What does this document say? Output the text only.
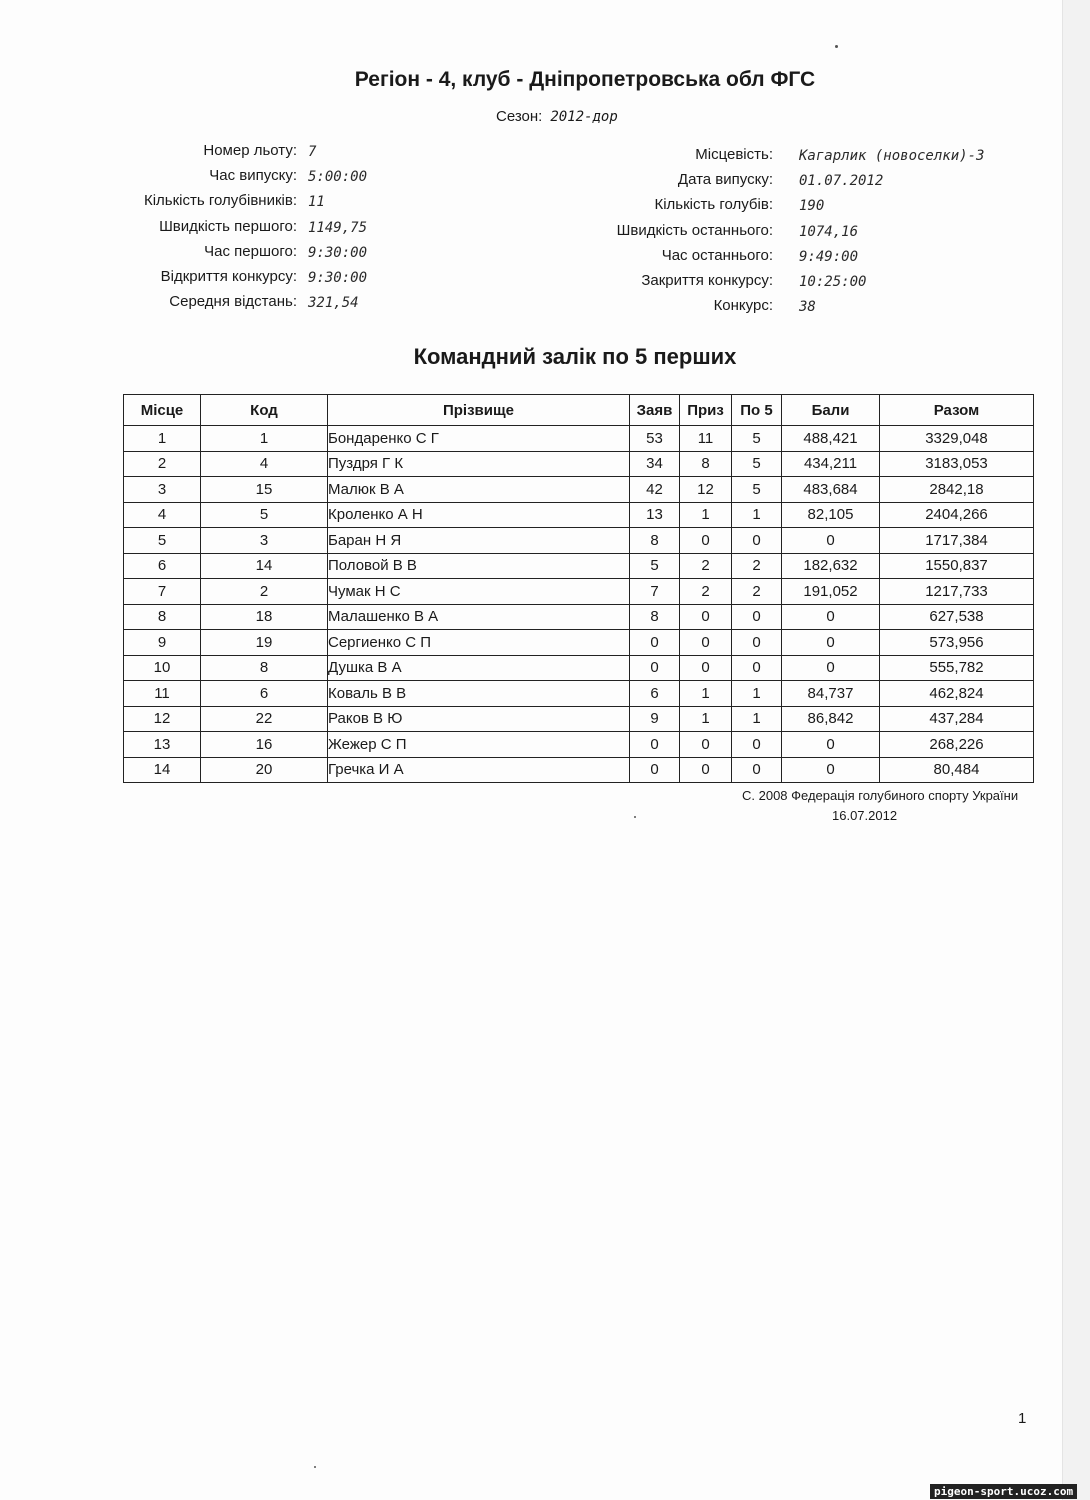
Регіон - 4, клуб - Дніпропетровська обл ФГС
Сезон: 2012-дор
Номер льоту: 7
Час випуску: 5:00:00
Кількість голубівників: 11
Швидкість першого: 1149,75
Час першого: 9:30:00
Відкриття конкурсу: 9:30:00
Середня відстань: 321,54
Місцевість: Кагарлик (новоселки)-3
Дата випуску: 01.07.2012
Кількість голубів: 190
Швидкість останнього: 1074,16
Час останнього: 9:49:00
Закриття конкурсу: 10:25:00
Конкурс: 38
Командний залік по 5 перших
Місце	Код	Прізвище	Заяв	Приз	По 5	Бали	Разом
1	1	Бондаренко С Г	53	11	5	488,421	3329,048
2	4	Пуздря Г К	34	8	5	434,211	3183,053
3	15	Малюк В А	42	12	5	483,684	2842,18
4	5	Кроленко А Н	13	1	1	82,105	2404,266
5	3	Баран Н Я	8	0	0	0	1717,384
6	14	Половой В В	5	2	2	182,632	1550,837
7	2	Чумак Н С	7	2	2	191,052	1217,733
8	18	Малашенко В А	8	0	0	0	627,538
9	19	Сергиенко С П	0	0	0	0	573,956
10	8	Душка В А	0	0	0	0	555,782
11	6	Коваль В В	6	1	1	84,737	462,824
12	22	Раков В Ю	9	1	1	86,842	437,284
13	16	Жежер С П	0	0	0	0	268,226
14	20	Гречка И А	0	0	0	0	80,484
С. 2008 Федерація голубиного спорту України
16.07.2012
1
pigeon-sport.ucoz.com
